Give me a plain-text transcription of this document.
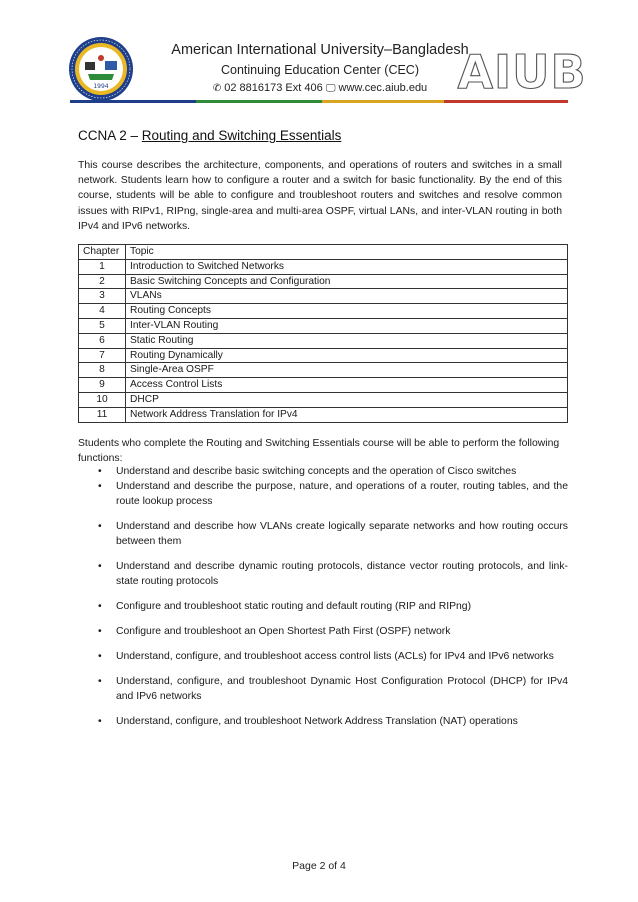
1994
American International University–Bangladesh
Continuing Education Center (CEC)
✆ 02 8816173 Ext 406 🖵 www.cec.aiub.edu AIUB
CCNA 2 – Routing and Switching Essentials
This course describes the architecture, components, and operations of routers and switches in a small network. Students learn how to configure a router and a switch for basic functionality. By the end of this course, students will be able to configure and troubleshoot routers and switches and resolve common issues with RIPv1, RIPng, single-area and multi-area OSPF, virtual LANs, and inter-VLAN routing in both IPv4 and IPv6 networks.
Chapter	Topic
1	Introduction to Switched Networks
2	Basic Switching Concepts and Configuration
3	VLANs
4	Routing Concepts
5	Inter-VLAN Routing
6	Static Routing
7	Routing Dynamically
8	Single-Area OSPF
9	Access Control Lists
10	DHCP
11	Network Address Translation for IPv4
Students who complete the Routing and Switching Essentials course will be able to perform the following functions:
• Understand and describe basic switching concepts and the operation of Cisco switches
• Understand and describe the purpose, nature, and operations of a router, routing tables, and the route lookup process
• Understand and describe how VLANs create logically separate networks and how routing occurs between them
• Understand and describe dynamic routing protocols, distance vector routing protocols, and link-state routing protocols
• Configure and troubleshoot static routing and default routing (RIP and RIPng)
• Configure and troubleshoot an Open Shortest Path First (OSPF) network
• Understand, configure, and troubleshoot access control lists (ACLs) for IPv4 and IPv6 networks
• Understand, configure, and troubleshoot Dynamic Host Configuration Protocol (DHCP) for IPv4 and IPv6 networks
• Understand, configure, and troubleshoot Network Address Translation (NAT) operations
Page 2 of 4
